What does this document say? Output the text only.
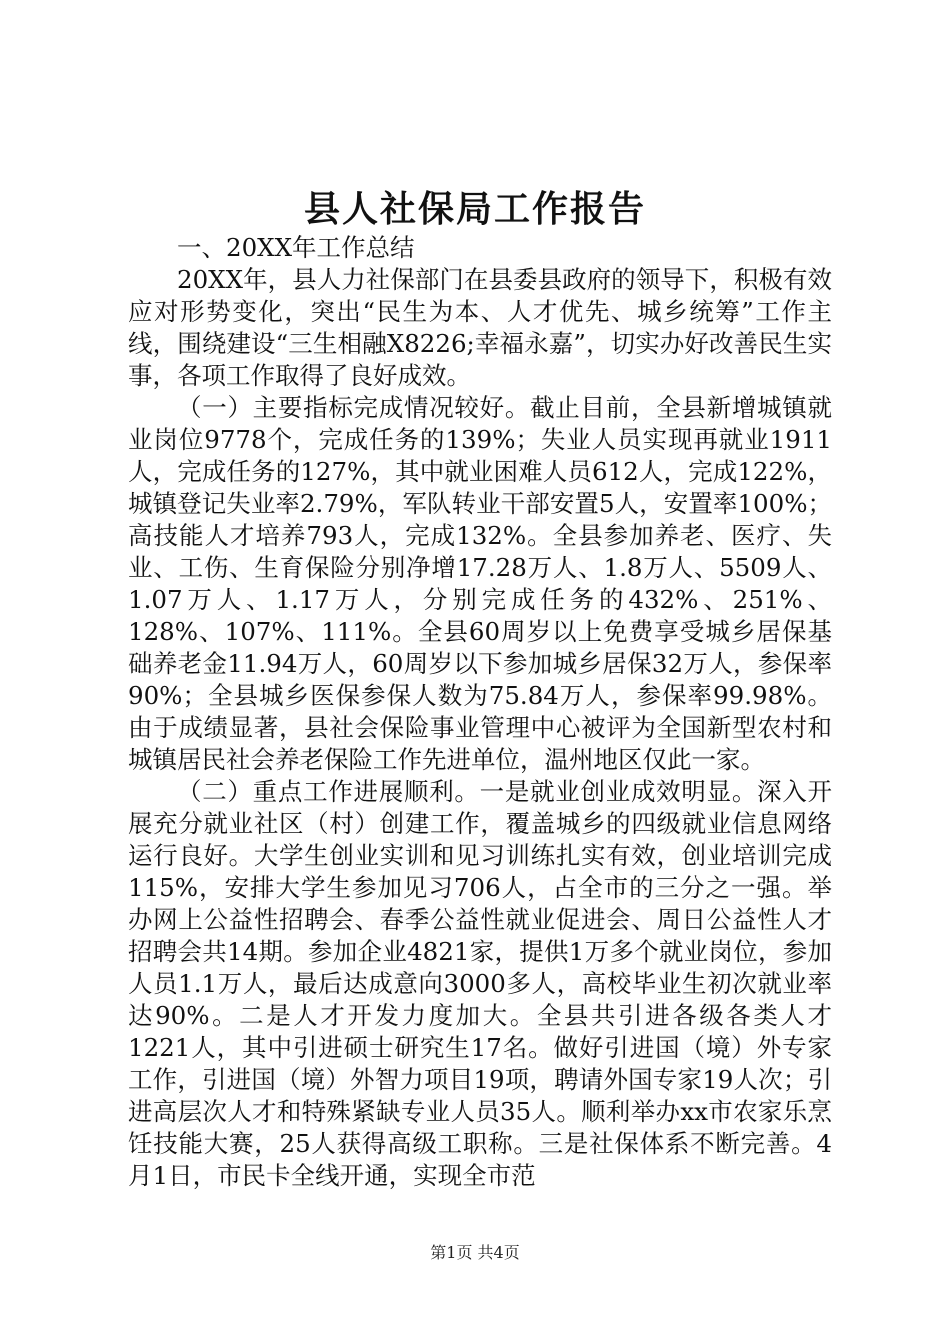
县人社保局工作报告

一、20XX年工作总结

20XX年，县人力社保部门在县委县政府的领导下，积极有效应对形势变化，突出“民生为本、人才优先、城乡统筹”工作主线，围绕建设“三生相融X8226;幸福永嘉”，切实办好改善民生实事，各项工作取得了良好成效。

（一）主要指标完成情况较好。截止目前，全县新增城镇就业岗位9778个，完成任务的139%；失业人员实现再就业1911人，完成任务的127%，其中就业困难人员612人，完成122%，城镇登记失业率2.79%，军队转业干部安置5人，安置率100%；高技能人才培养793人，完成132%。全县参加养老、医疗、失业、工伤、生育保险分别净增17.28万人、1.8万人、5509人、1.07万人、1.17万人，分别完成任务的432%、251%、128%、107%、111%。全县60周岁以上免费享受城乡居保基础养老金11.94万人，60周岁以下参加城乡居保32万人，参保率90%；全县城乡医保参保人数为75.84万人，参保率99.98%。由于成绩显著，县社会保险事业管理中心被评为全国新型农村和城镇居民社会养老保险工作先进单位，温州地区仅此一家。

（二）重点工作进展顺利。一是就业创业成效明显。深入开展充分就业社区（村）创建工作，覆盖城乡的四级就业信息网络运行良好。大学生创业实训和见习训练扎实有效，创业培训完成115%，安排大学生参加见习706人，占全市的三分之一强。举办网上公益性招聘会、春季公益性就业促进会、周日公益性人才招聘会共14期。参加企业4821家，提供1万多个就业岗位，参加人员1.1万人，最后达成意向3000多人，高校毕业生初次就业率达90%。二是人才开发力度加大。全县共引进各级各类人才1221人，其中引进硕士研究生17名。做好引进国（境）外专家工作，引进国（境）外智力项目19项，聘请外国专家19人次；引进高层次人才和特殊紧缺专业人员35人。顺利举办xx市农家乐烹饪技能大赛，25人获得高级工职称。三是社保体系不断完善。4月1日，市民卡全线开通，实现全市范

第1页 共4页
